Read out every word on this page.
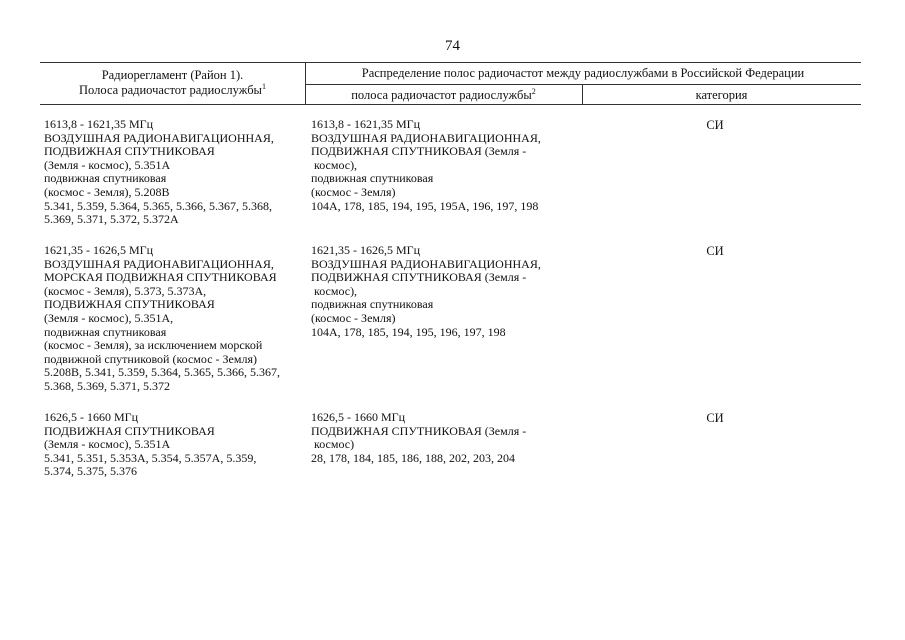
74
Радиорегламент (Район 1).
Полоса радиочастот радиослужбы$^1$
Распределение полос радиочастот между радиослужбами в Российской Федерации
полоса радиочастот радиослужбы$^2$	категория
1613,8 - 1621,35 МГц
ВОЗДУШНАЯ РАДИОНАВИГАЦИОННАЯ,
ПОДВИЖНАЯ СПУТНИКОВАЯ
(Земля - космос), 5.351А
подвижная спутниковая
(космос - Земля), 5.208В
5.341, 5.359, 5.364, 5.365, 5.366, 5.367, 5.368,
5.369, 5.371, 5.372, 5.372А
1613,8 - 1621,35 МГц
ВОЗДУШНАЯ РАДИОНАВИГАЦИОННАЯ,
ПОДВИЖНАЯ СПУТНИКОВАЯ (Земля -
космос),
подвижная спутниковая
(космос - Земля)
104А, 178, 185, 194, 195, 195А, 196, 197, 198
СИ
1621,35 - 1626,5 МГц
ВОЗДУШНАЯ РАДИОНАВИГАЦИОННАЯ,
МОРСКАЯ ПОДВИЖНАЯ СПУТНИКОВАЯ
(космос - Земля), 5.373, 5.373А,
ПОДВИЖНАЯ СПУТНИКОВАЯ
(Земля - космос), 5.351А,
подвижная спутниковая
(космос - Земля), за исключением морской
подвижной спутниковой (космос - Земля)
5.208В, 5.341, 5.359, 5.364, 5.365, 5.366, 5.367,
5.368, 5.369, 5.371, 5.372
1621,35 - 1626,5 МГц
ВОЗДУШНАЯ РАДИОНАВИГАЦИОННАЯ,
ПОДВИЖНАЯ СПУТНИКОВАЯ (Земля -
космос),
подвижная спутниковая
(космос - Земля)
104А, 178, 185, 194, 195, 196, 197, 198
СИ
1626,5 - 1660 МГц
ПОДВИЖНАЯ СПУТНИКОВАЯ
(Земля - космос), 5.351А
5.341, 5.351, 5.353А, 5.354, 5.357А, 5.359,
5.374, 5.375, 5.376
1626,5 - 1660 МГц
ПОДВИЖНАЯ СПУТНИКОВАЯ (Земля -
космос)
28, 178, 184, 185, 186, 188, 202, 203, 204
СИ
